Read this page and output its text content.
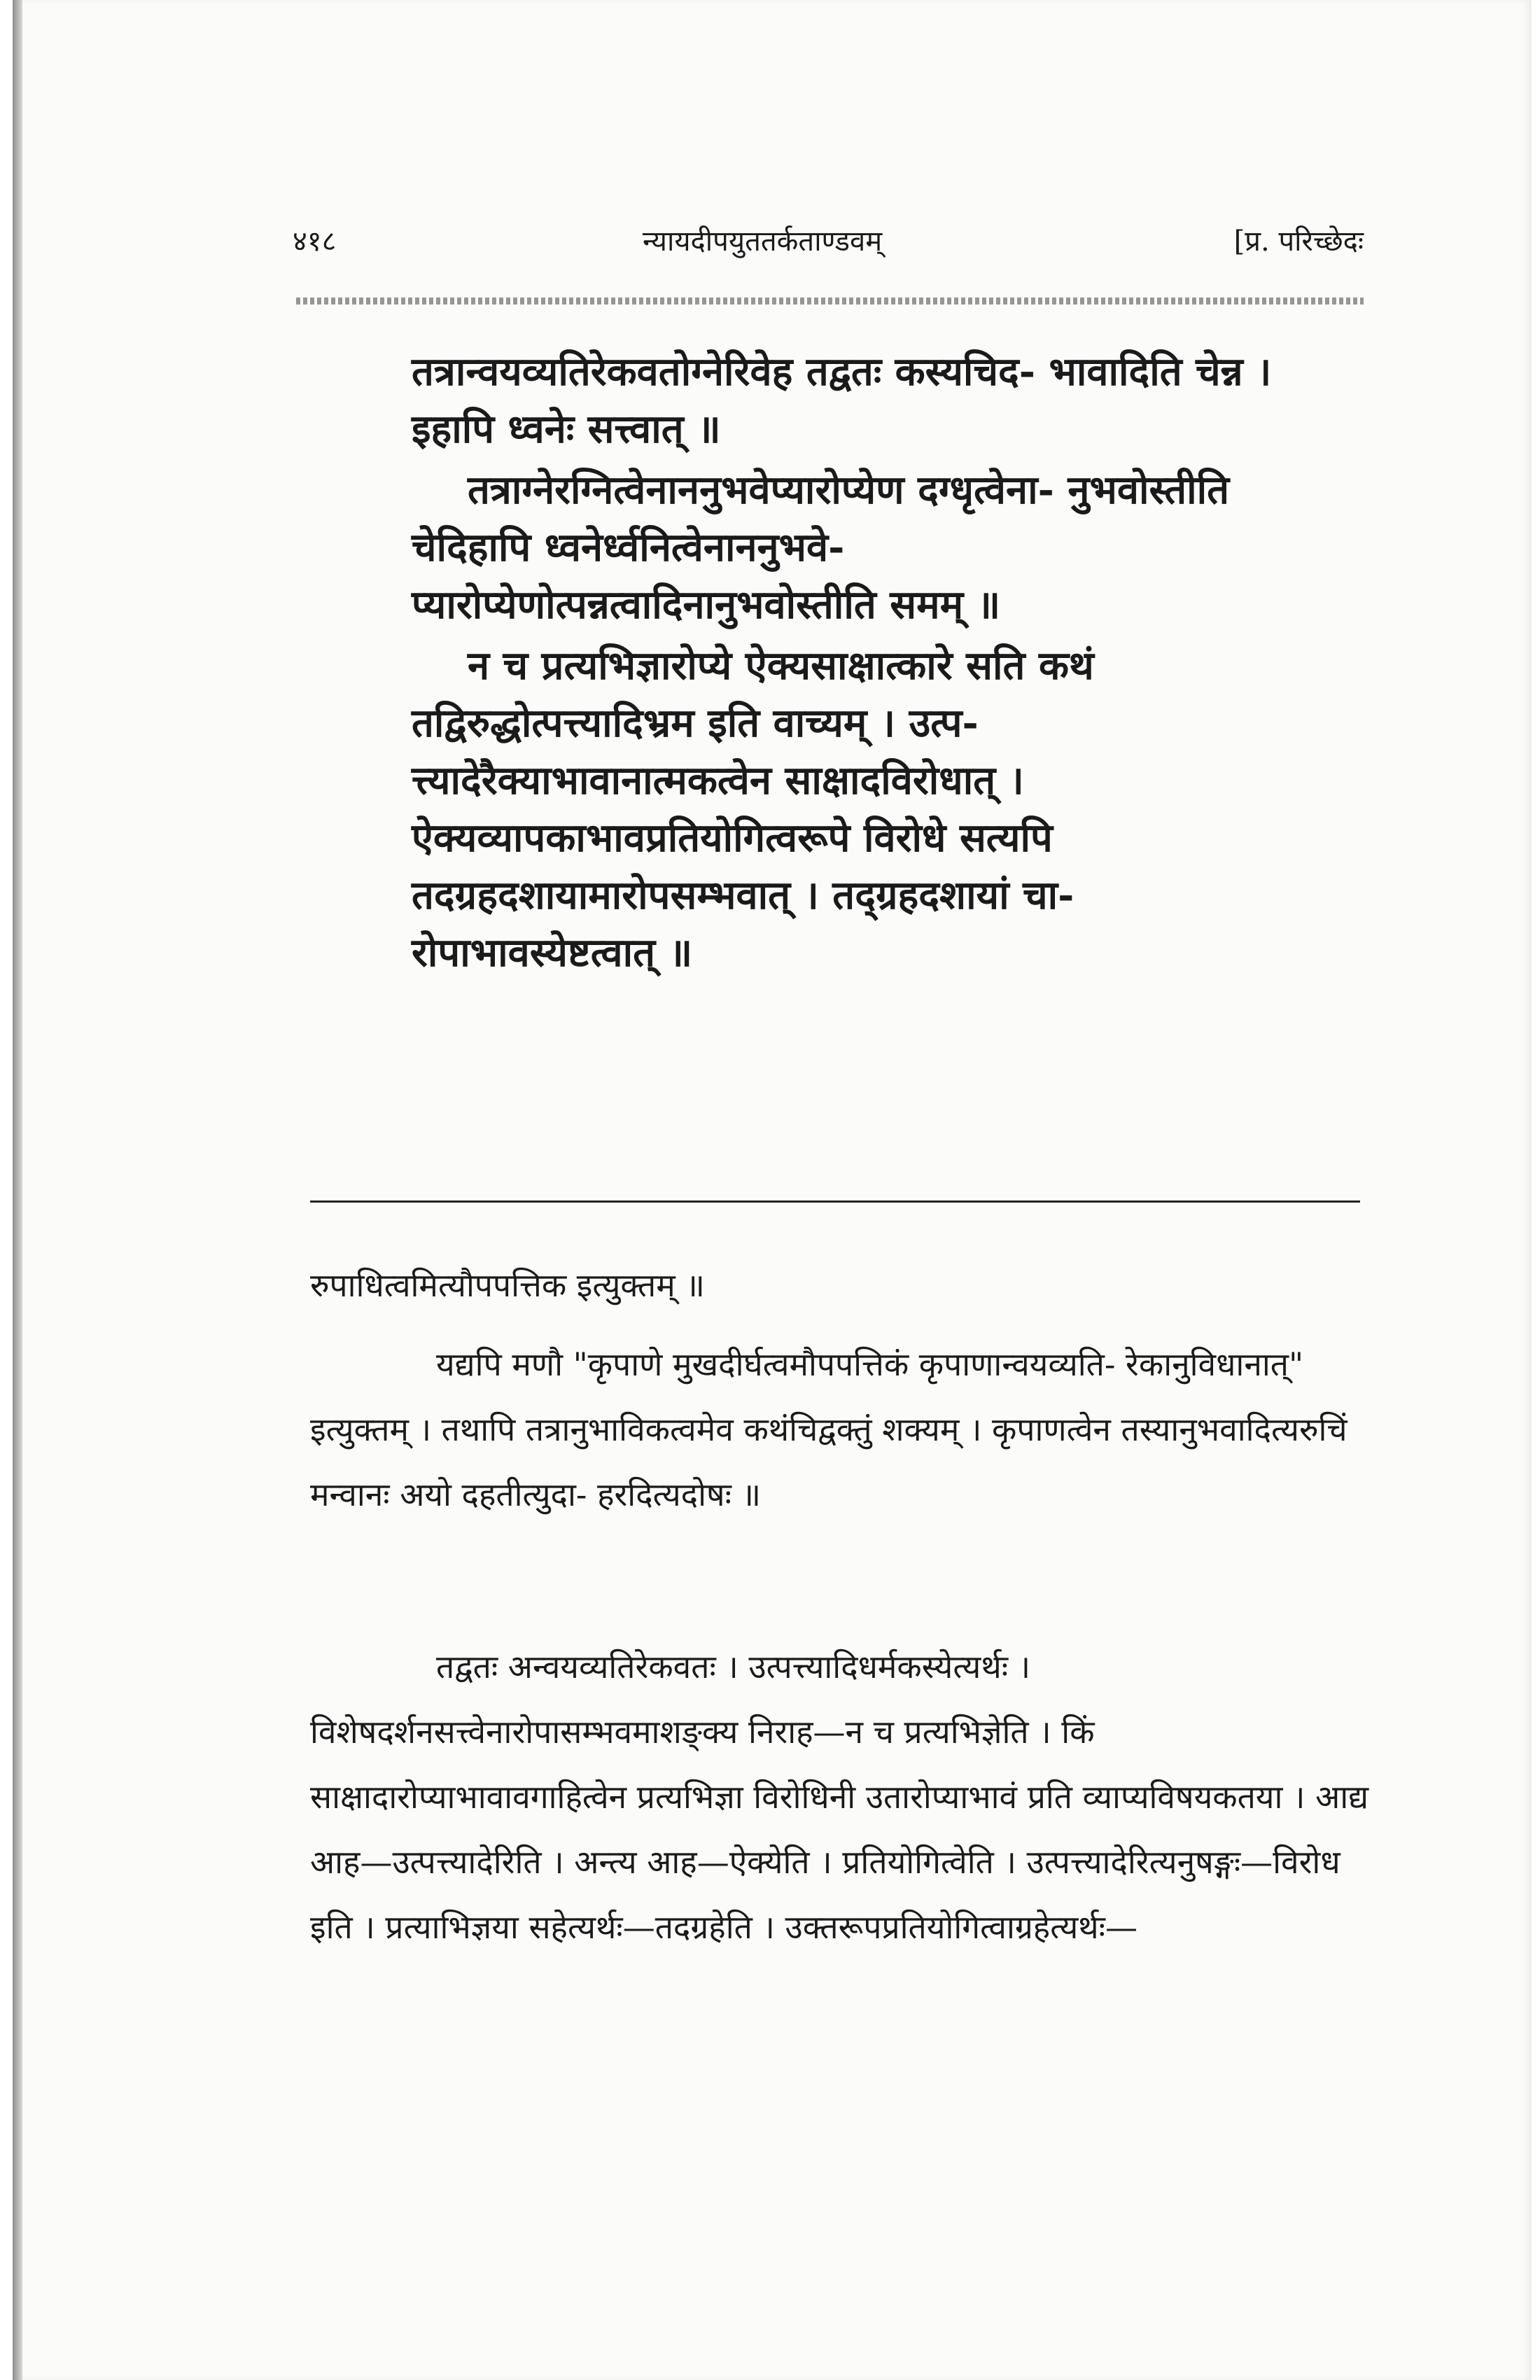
४१८	न्यायदीपयुततर्कताण्डवम्	[प्र. परिच्छेदः

तत्रान्वयव्यतिरेकवतोग्नेरिवेह तद्वतः कस्यचिद- भावादिति चेन्न । इहापि ध्वनेः सत्त्वात् ॥

तत्राग्नेरग्नित्वेनाननुभवेप्यारोप्येण दग्धृत्वेना- नुभवोस्तीति चेदिहापि ध्वनेर्ध्वनित्वेनाननुभवे- प्यारोप्येणोत्पन्नत्वादिनानुभवोस्तीति समम् ॥

न च प्रत्यभिज्ञारोप्ये ऐक्यसाक्षात्कारे सति कथं तद्विरुद्धोत्पत्त्यादिभ्रम इति वाच्यम् । उत्प- त्त्यादेरैक्याभावानात्मकत्वेन साक्षादविरोधात् । ऐक्यव्यापकाभावप्रतियोगित्वरूपे विरोधे सत्यपि तदग्रहदशायामारोपसम्भवात् । तद्ग्रहदशायां चा- रोपाभावस्येष्टत्वात् ॥

रुपाधित्वमित्यौपपत्तिक इत्युक्तम् ॥

यद्यपि मणौ "कृपाणे मुखदीर्घत्वमौपपत्तिकं कृपाणान्वयव्यति- रेकानुविधानात्" इत्युक्तम् । तथापि तत्रानुभाविकत्वमेव कथंचिद्वक्तुं शक्यम् । कृपाणत्वेन तस्यानुभवादित्यरुचिं मन्वानः अयो दहतीत्युदा- हरदित्यदोषः ॥

तद्वतः अन्वयव्यतिरेकवतः । उत्पत्त्यादिधर्मकस्येत्यर्थः । विशेषदर्शनसत्त्वेनारोपासम्भवमाशङ्क्य निराह—न च प्रत्यभिज्ञेति । किं साक्षादारोप्याभावावगाहित्वेन प्रत्यभिज्ञा विरोधिनी उतारोप्याभावं प्रति व्याप्यविषयकतया । आद्य आह—उत्पत्त्यादेरिति । अन्त्य आह—ऐक्येति । प्रतियोगित्वेति । उत्पत्त्यादेरित्यनुषङ्गः—विरोध इति । प्रत्याभिज्ञया सहेत्यर्थः—तदग्रहेति । उक्तरूपप्रतियोगित्वाग्रहेत्यर्थः—
